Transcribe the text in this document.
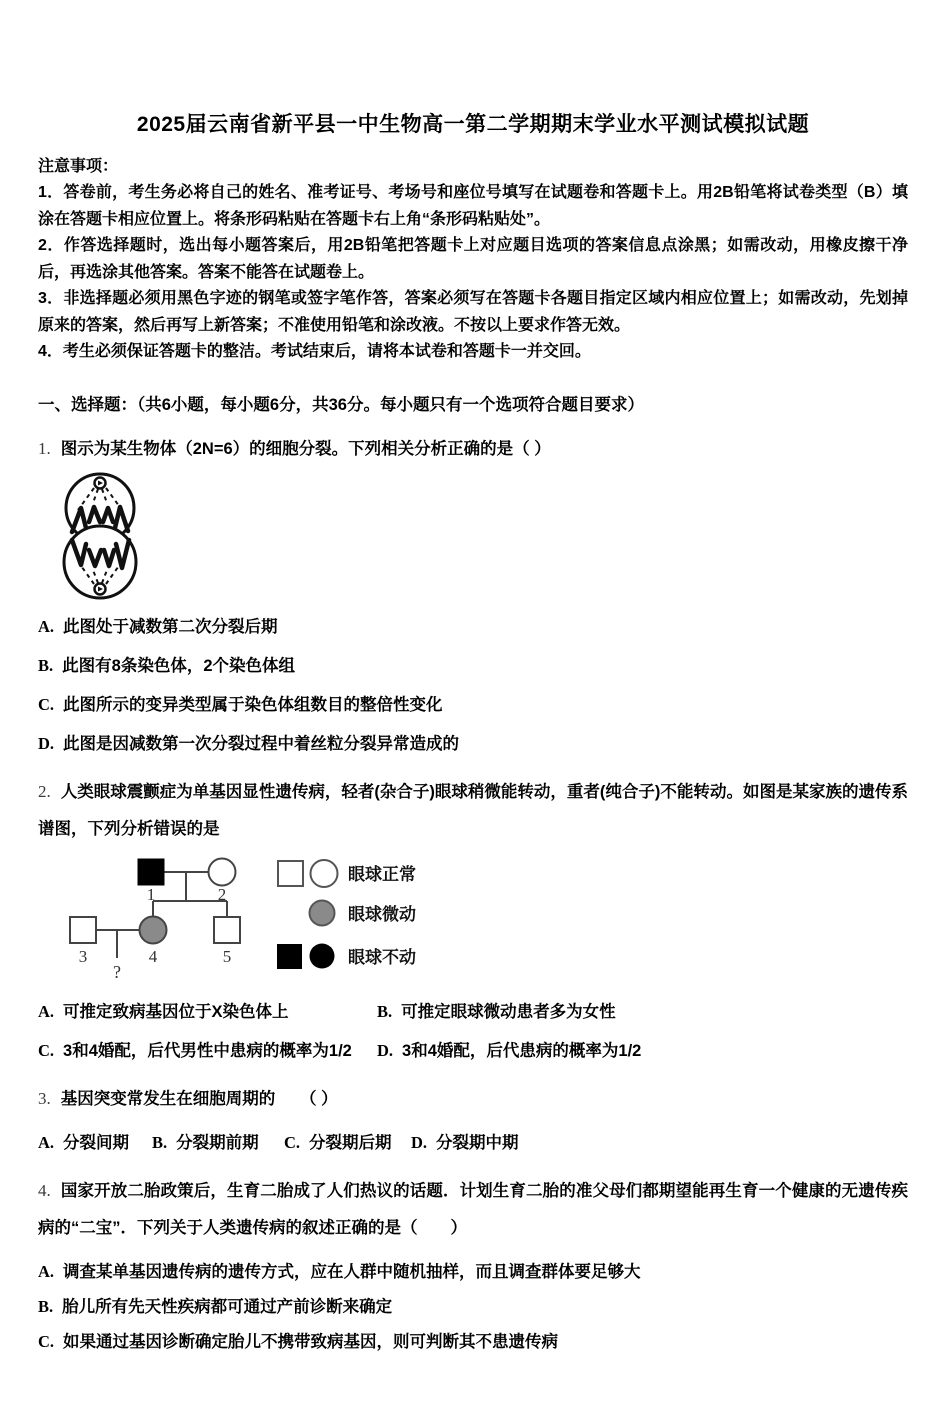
2025届云南省新平县一中生物高一第二学期期末学业水平测试模拟试题

注意事项：

1．答卷前，考生务必将自己的姓名、准考证号、考场号和座位号填写在试题卷和答题卡上。用2B铅笔将试卷类型（B）填涂在答题卡相应位置上。将条形码粘贴在答题卡右上角“条形码粘贴处”。

2．作答选择题时，选出每小题答案后，用2B铅笔把答题卡上对应题目选项的答案信息点涂黑；如需改动，用橡皮擦干净后，再选涂其他答案。答案不能答在试题卷上。

3．非选择题必须用黑色字迹的钢笔或签字笔作答，答案必须写在答题卡各题目指定区域内相应位置上；如需改动，先划掉原来的答案，然后再写上新答案；不准使用铅笔和涂改液。不按以上要求作答无效。

4．考生必须保证答题卡的整洁。考试结束后，请将本试卷和答题卡一并交回。

一、选择题：（共6小题，每小题6分，共36分。每小题只有一个选项符合题目要求）

1. 图示为某生物体（2N=6）的细胞分裂。下列相关分析正确的是（ ）
A. 此图处于减数第二次分裂后期
B. 此图有8条染色体，2个染色体组
C. 此图所示的变异类型属于染色体组数目的整倍性变化
D. 此图是因减数第一次分裂过程中着丝粒分裂异常造成的
2. 人类眼球震颤症为单基因显性遗传病，轻者(杂合子)眼球稍微能转动，重者(纯合子)不能转动。如图是某家族的遗传系谱图，下列分析错误的是
1	2
3	4	5
?
眼球正常
眼球微动
眼球不动
A. 可推定致病基因位于X染色体上	B. 可推定眼球微动患者多为女性
C. 3和4婚配，后代男性中患病的概率为1/2 D. 3和4婚配，后代患病的概率为1/2
3. 基因突变常发生在细胞周期的　　（ ）
A. 分裂间期 B. 分裂期前期 C. 分裂期后期 D. 分裂期中期
4. 国家开放二胎政策后，生育二胎成了人们热议的话题．计划生育二胎的准父母们都期望能再生育一个健康的无遗传疾病的“二宝”．下列关于人类遗传病的叙述正确的是（　　）
A. 调查某单基因遗传病的遗传方式，应在人群中随机抽样，而且调查群体要足够大
B. 胎儿所有先天性疾病都可通过产前诊断来确定
C. 如果通过基因诊断确定胎儿不携带致病基因，则可判断其不患遗传病
